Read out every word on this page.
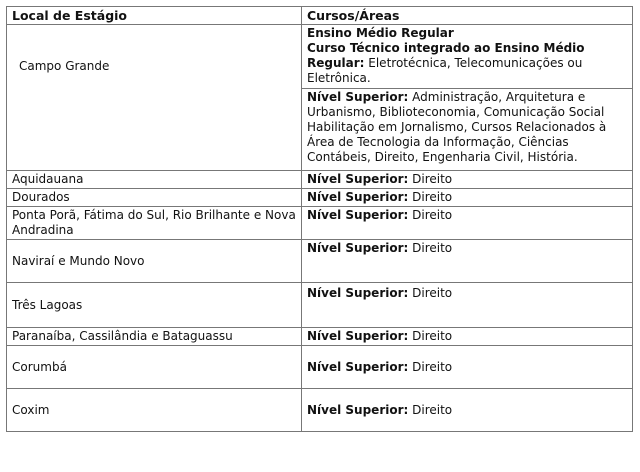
Local de Estágio	Cursos/Áreas
Campo Grande	Ensino Médio Regular
Curso Técnico integrado ao Ensino Médio
Regular: Eletrotécnica, Telecomunicações ou Eletrônica.
Nível Superior: Administração, Arquitetura e Urbanismo, Biblioteconomia, Comunicação Social Habilitação em Jornalismo, Cursos Relacionados à Área de Tecnologia da Informação, Ciências Contábeis, Direito, Engenharia Civil, História.

Aquidauana	Nível Superior: Direito
Dourados	Nível Superior: Direito
Ponta Porã, Fátima do Sul, Rio Brilhante e Nova Andradina	Nível Superior: Direito
Naviraí e Mundo Novo	Nível Superior: Direito
Três Lagoas	Nível Superior: Direito
Paranaíba, Cassilândia e Bataguassu	Nível Superior: Direito
Corumbá	Nível Superior: Direito
Coxim	Nível Superior: Direito
